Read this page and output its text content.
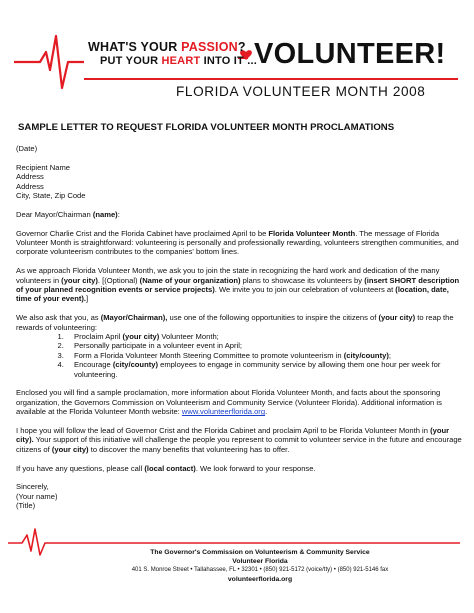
WHAT'S YOUR PASSION?
PUT YOUR HEART INTO IT ...
VOLUNTEER!
FLORIDA VOLUNTEER MONTH 2008
SAMPLE LETTER TO REQUEST FLORIDA VOLUNTEER MONTH PROCLAMATIONS

(Date)

Recipient Name
Address
Address
City, State, Zip Code

Dear Mayor/Chairman (name):

Governor Charlie Crist and the Florida Cabinet have proclaimed April to be Florida Volunteer Month. The message of Florida Volunteer Month is straightforward: volunteering is personally and professionally rewarding, volunteers strengthen communities, and corporate volunteerism contributes to the companies' bottom lines.

As we approach Florida Volunteer Month, we ask you to join the state in recognizing the hard work and dedication of the many volunteers in (your city). [(Optional) (Name of your organization) plans to showcase its volunteers by (insert SHORT description of your planned recognition events or service projects). We invite you to join our celebration of volunteers at (location, date, time of your event).]

We also ask that you, as (Mayor/Chairman), use one of the following opportunities to inspire the citizens of (your city) to reap the rewards of volunteering:

1. Proclaim April (your city) Volunteer Month;
2. Personally participate in a volunteer event in April;
3. Form a Florida Volunteer Month Steering Committee to promote volunteerism in (city/county);
4. Encourage (city/county) employees to engage in community service by allowing them one hour per week for volunteering.

Enclosed you will find a sample proclamation, more information about Florida Volunteer Month, and facts about the sponsoring organization, the Governors Commission on Volunteerism and Community Service (Volunteer Florida). Additional information is available at the Florida Volunteer Month website: www.volunteerflorida.org.

I hope you will follow the lead of Governor Crist and the Florida Cabinet and proclaim April to be Florida Volunteer Month in (your city). Your support of this initiative will challenge the people you represent to commit to volunteer service in the future and encourage citizens of (your city) to discover the many benefits that volunteering has to offer.

If you have any questions, please call (local contact). We look forward to your response.

Sincerely,
(Your name)
(Title)
The Governor's Commission on Volunteerism & Community Service
Volunteer Florida
401 S. Monroe Street • Tallahassee, FL • 32301 • (850) 921-5172 (voice/tty) • (850) 921-5146 fax
volunteerflorida.org
